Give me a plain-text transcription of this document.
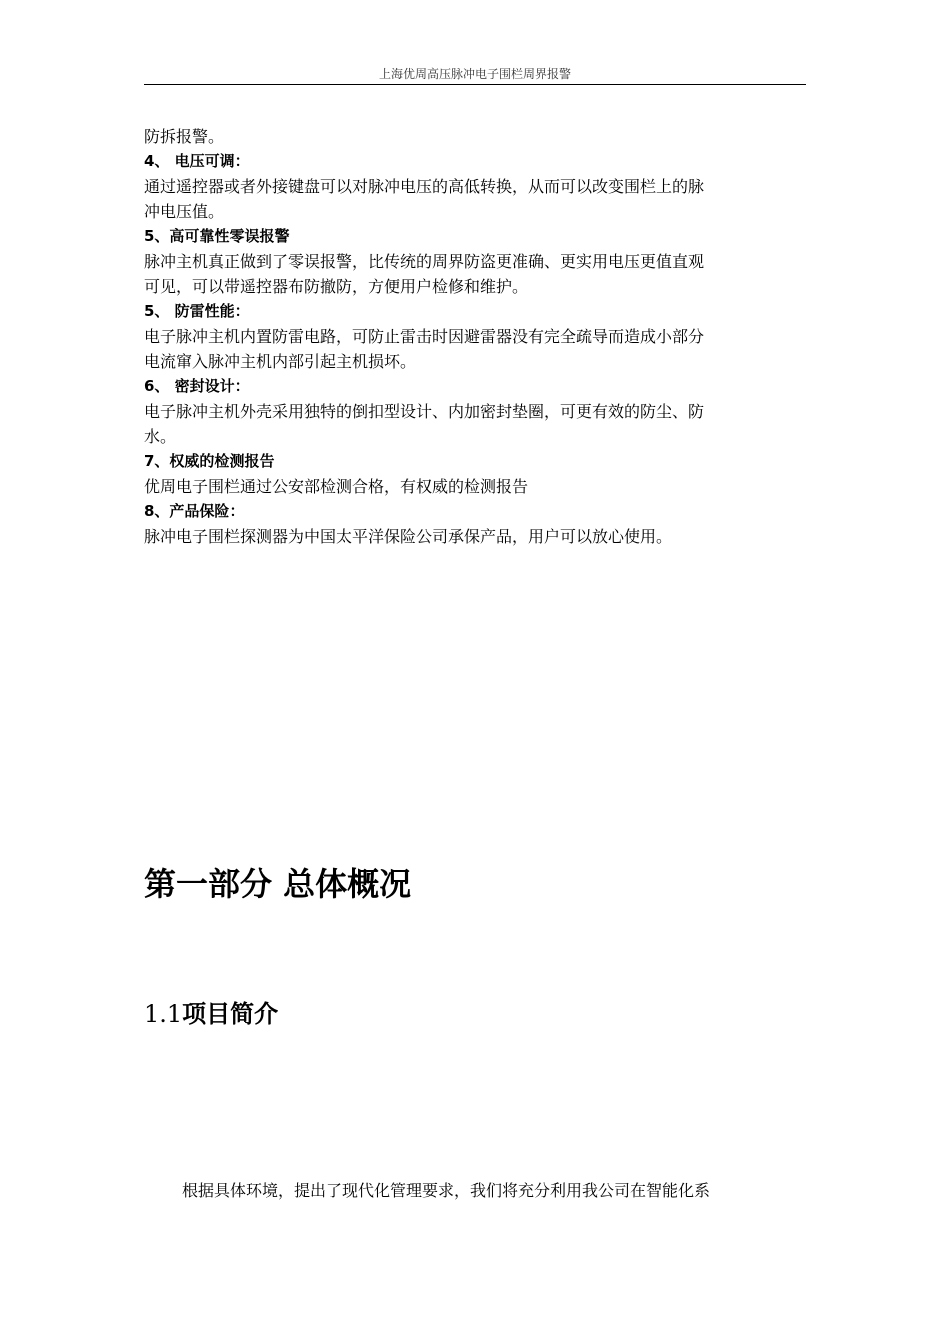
上海优周高压脉冲电子围栏周界报警
防拆报警。
4、 电压可调：
通过遥控器或者外接键盘可以对脉冲电压的高低转换，从而可以改变围栏上的脉
冲电压值。
5、高可靠性零误报警
脉冲主机真正做到了零误报警，比传统的周界防盗更准确、更实用电压更值直观
可见，可以带遥控器布防撤防，方便用户检修和维护。
5、 防雷性能：
电子脉冲主机内置防雷电路，可防止雷击时因避雷器没有完全疏导而造成小部分
电流窜入脉冲主机内部引起主机损坏。
6、 密封设计：
电子脉冲主机外壳采用独特的倒扣型设计、内加密封垫圈，可更有效的防尘、防
水。
7、权威的检测报告
优周电子围栏通过公安部检测合格，有权威的检测报告
8、产品保险：
脉冲电子围栏探测器为中国太平洋保险公司承保产品，用户可以放心使用。
第一部分 总体概况
1.1项目简介
根据具体环境，提出了现代化管理要求，我们将充分利用我公司在智能化系
